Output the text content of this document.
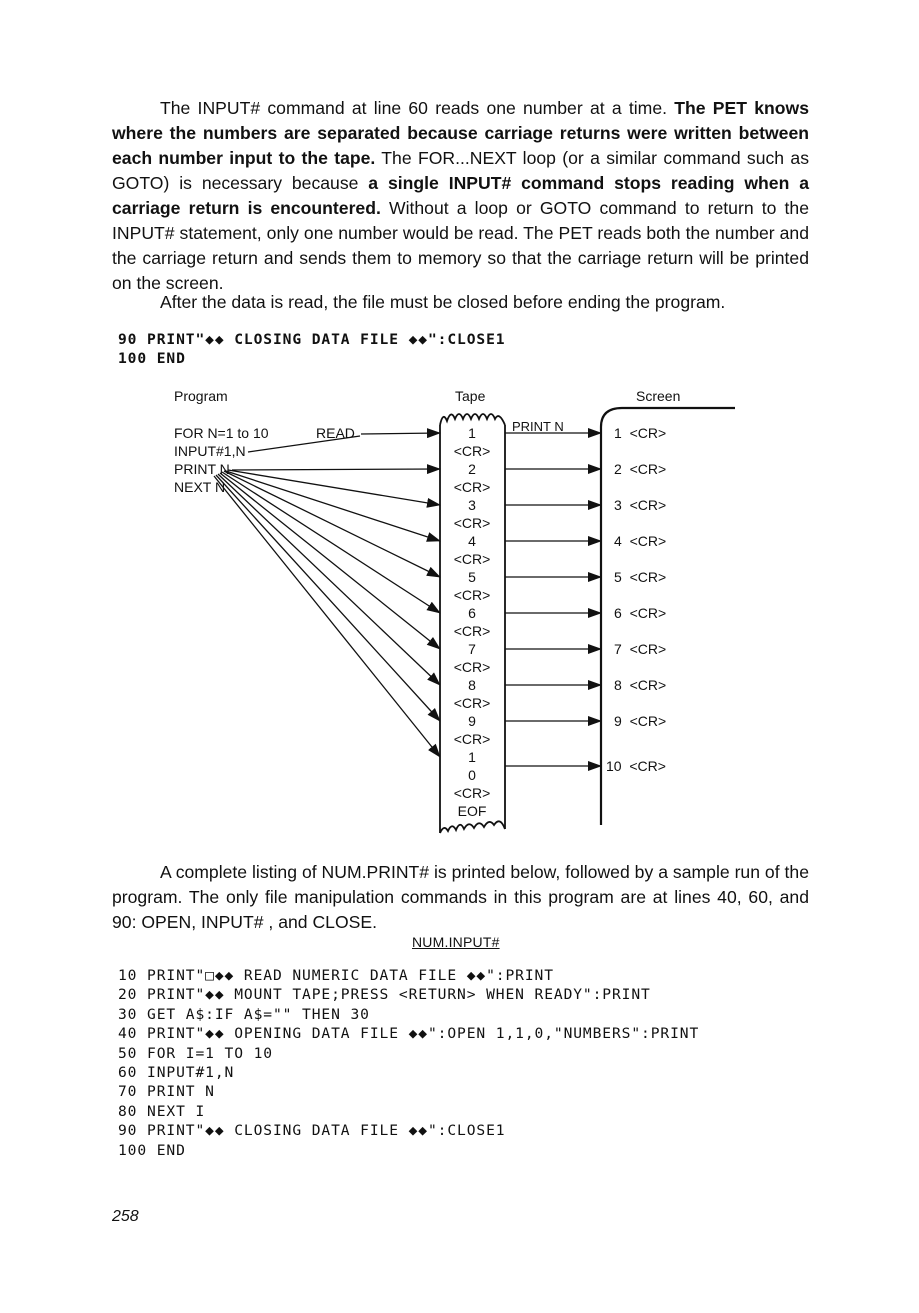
The INPUT# command at line 60 reads one number at a time. The PET knows where the numbers are separated because carriage returns were written between each number input to the tape. The FOR...NEXT loop (or a similar command such as GOTO) is necessary because a single INPUT# command stops reading when a carriage return is encountered. Without a loop or GOTO command to return to the INPUT# statement, only one number would be read. The PET reads both the number and the carriage return and sends them to memory so that the carriage return will be printed on the screen.

After the data is read, the file must be closed before ending the program.

90 PRINT"◆◆ CLOSING DATA FILE ◆◆":CLOSE1
100 END
Program	Tape	Screen
FOR N=1 to 10
INPUT#1,N
PRINT N
NEXT N
READ	PRINT N
1
<CR>
2
<CR>
3
<CR>
4
<CR>
5
<CR>
6
<CR>
7
<CR>
8
<CR>
9
<CR>
1
0
<CR>
EOF
1  <CR>
2  <CR>
3  <CR>
4  <CR>
5  <CR>
6  <CR>
7  <CR>
8  <CR>
9  <CR>
10  <CR>

A complete listing of NUM.PRINT# is printed below, followed by a sample run of the program. The only file manipulation commands in this program are at lines 40, 60, and 90: OPEN, INPUT# , and CLOSE.

NUM.INPUT#
10 PRINT"□◆◆ READ NUMERIC DATA FILE ◆◆":PRINT
20 PRINT"◆◆ MOUNT TAPE;PRESS <RETURN> WHEN READY":PRINT
30 GET A$:IF A$="" THEN 30
40 PRINT"◆◆ OPENING DATA FILE ◆◆":OPEN 1,1,0,"NUMBERS":PRINT
50 FOR I=1 TO 10
60 INPUT#1,N
70 PRINT N
80 NEXT I
90 PRINT"◆◆ CLOSING DATA FILE ◆◆":CLOSE1
100 END
258
